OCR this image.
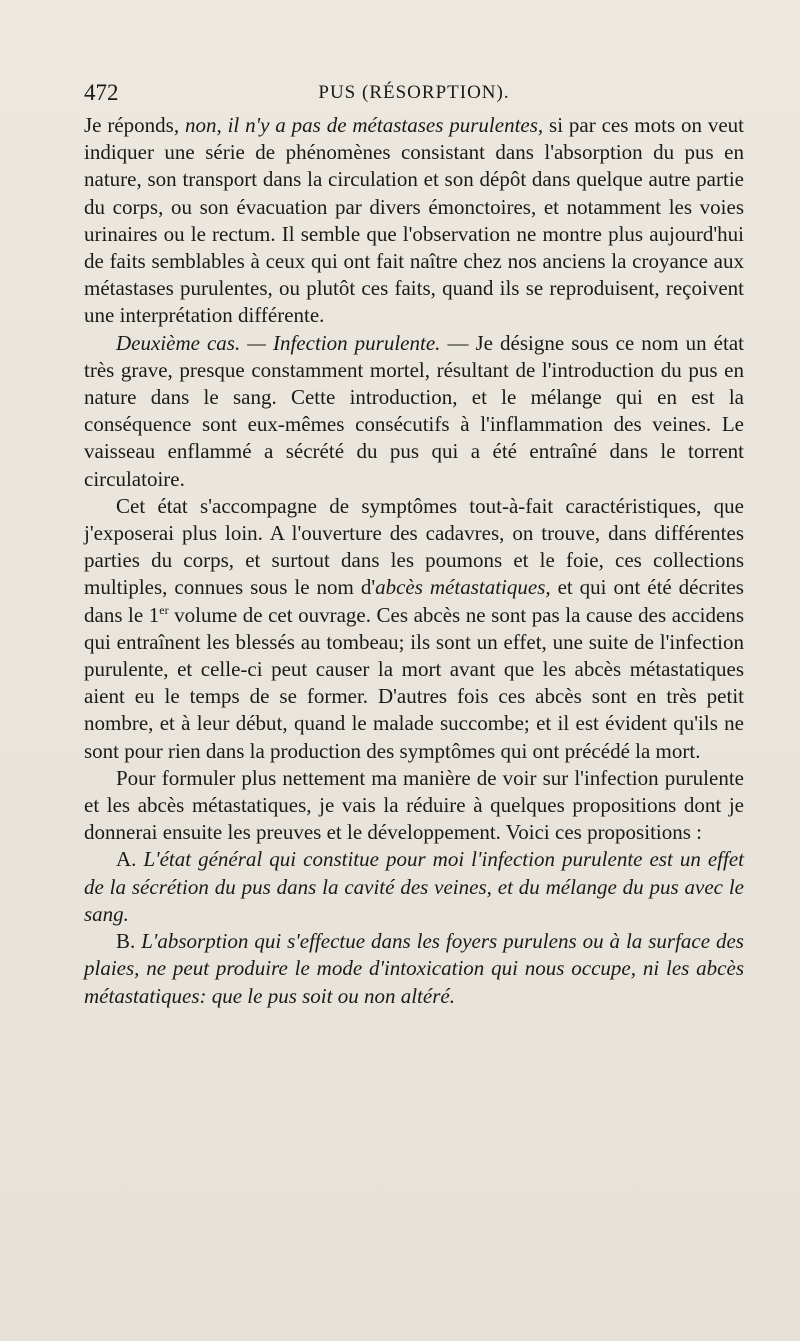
472	PUS (RÉSORPTION).

Je réponds, non, il n'y a pas de métastases purulentes, si par ces mots on veut indiquer une série de phénomènes consistant dans l'absorption du pus en nature, son transport dans la circulation et son dépôt dans quelque autre partie du corps, ou son évacuation par divers émonctoires, et notamment les voies urinaires ou le rectum. Il semble que l'observation ne montre plus aujourd'hui de faits semblables à ceux qui ont fait naître chez nos anciens la croyance aux métastases purulentes, ou plutôt ces faits, quand ils se reproduisent, reçoivent une interprétation différente.

Deuxième cas. — Infection purulente. — Je désigne sous ce nom un état très grave, presque constamment mortel, résultant de l'introduction du pus en nature dans le sang. Cette introduction, et le mélange qui en est la conséquence sont eux-mêmes consécutifs à l'inflammation des veines. Le vaisseau enflammé a sécrété du pus qui a été entraîné dans le torrent circulatoire.

Cet état s'accompagne de symptômes tout-à-fait caractéristiques, que j'exposerai plus loin. A l'ouverture des cadavres, on trouve, dans différentes parties du corps, et surtout dans les poumons et le foie, ces collections multiples, connues sous le nom d'abcès métastatiques, et qui ont été décrites dans le 1er volume de cet ouvrage. Ces abcès ne sont pas la cause des accidens qui entraînent les blessés au tombeau; ils sont un effet, une suite de l'infection purulente, et celle-ci peut causer la mort avant que les abcès métastatiques aient eu le temps de se former. D'autres fois ces abcès sont en très petit nombre, et à leur début, quand le malade succombe; et il est évident qu'ils ne sont pour rien dans la production des symptômes qui ont précédé la mort.

Pour formuler plus nettement ma manière de voir sur l'infection purulente et les abcès métastatiques, je vais la réduire à quelques propositions dont je donnerai ensuite les preuves et le développement. Voici ces propositions :

A. L'état général qui constitue pour moi l'infection purulente est un effet de la sécrétion du pus dans la cavité des veines, et du mélange du pus avec le sang.

B. L'absorption qui s'effectue dans les foyers purulens ou à la surface des plaies, ne peut produire le mode d'intoxication qui nous occupe, ni les abcès métastatiques: que le pus soit ou non altéré.
